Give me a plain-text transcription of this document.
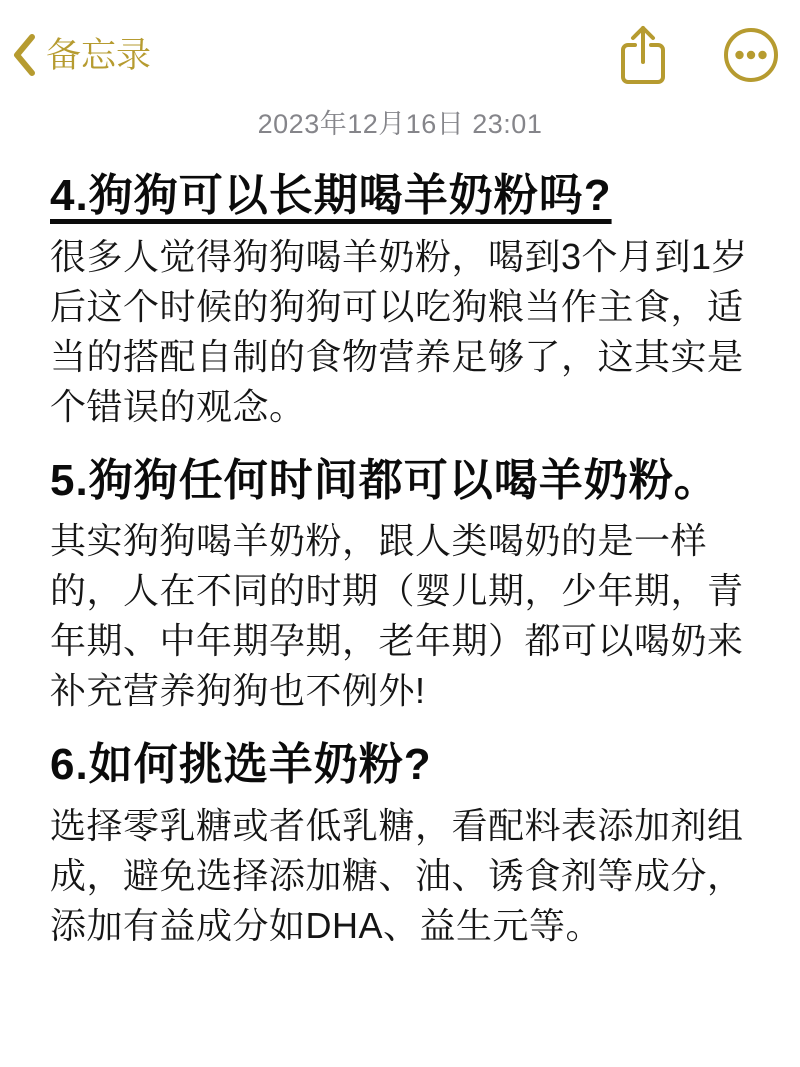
备忘录
2023年12月16日 23:01
4.狗狗可以长期喝羊奶粉吗?

很多人觉得狗狗喝羊奶粉，喝到3个月到1岁后这个时候的狗狗可以吃狗粮当作主食，适当的搭配自制的食物营养足够了，这其实是个错误的观念。

5.狗狗任何时间都可以喝羊奶粉。

其实狗狗喝羊奶粉，跟人类喝奶的是一样的，人在不同的时期（婴儿期，少年期，青年期、中年期孕期，老年期）都可以喝奶来补充营养狗狗也不例外!

6.如何挑选羊奶粉?

选择零乳糖或者低乳糖，看配料表添加剂组成，避免选择添加糖、油、诱食剂等成分，添加有益成分如DHA、益生元等。
